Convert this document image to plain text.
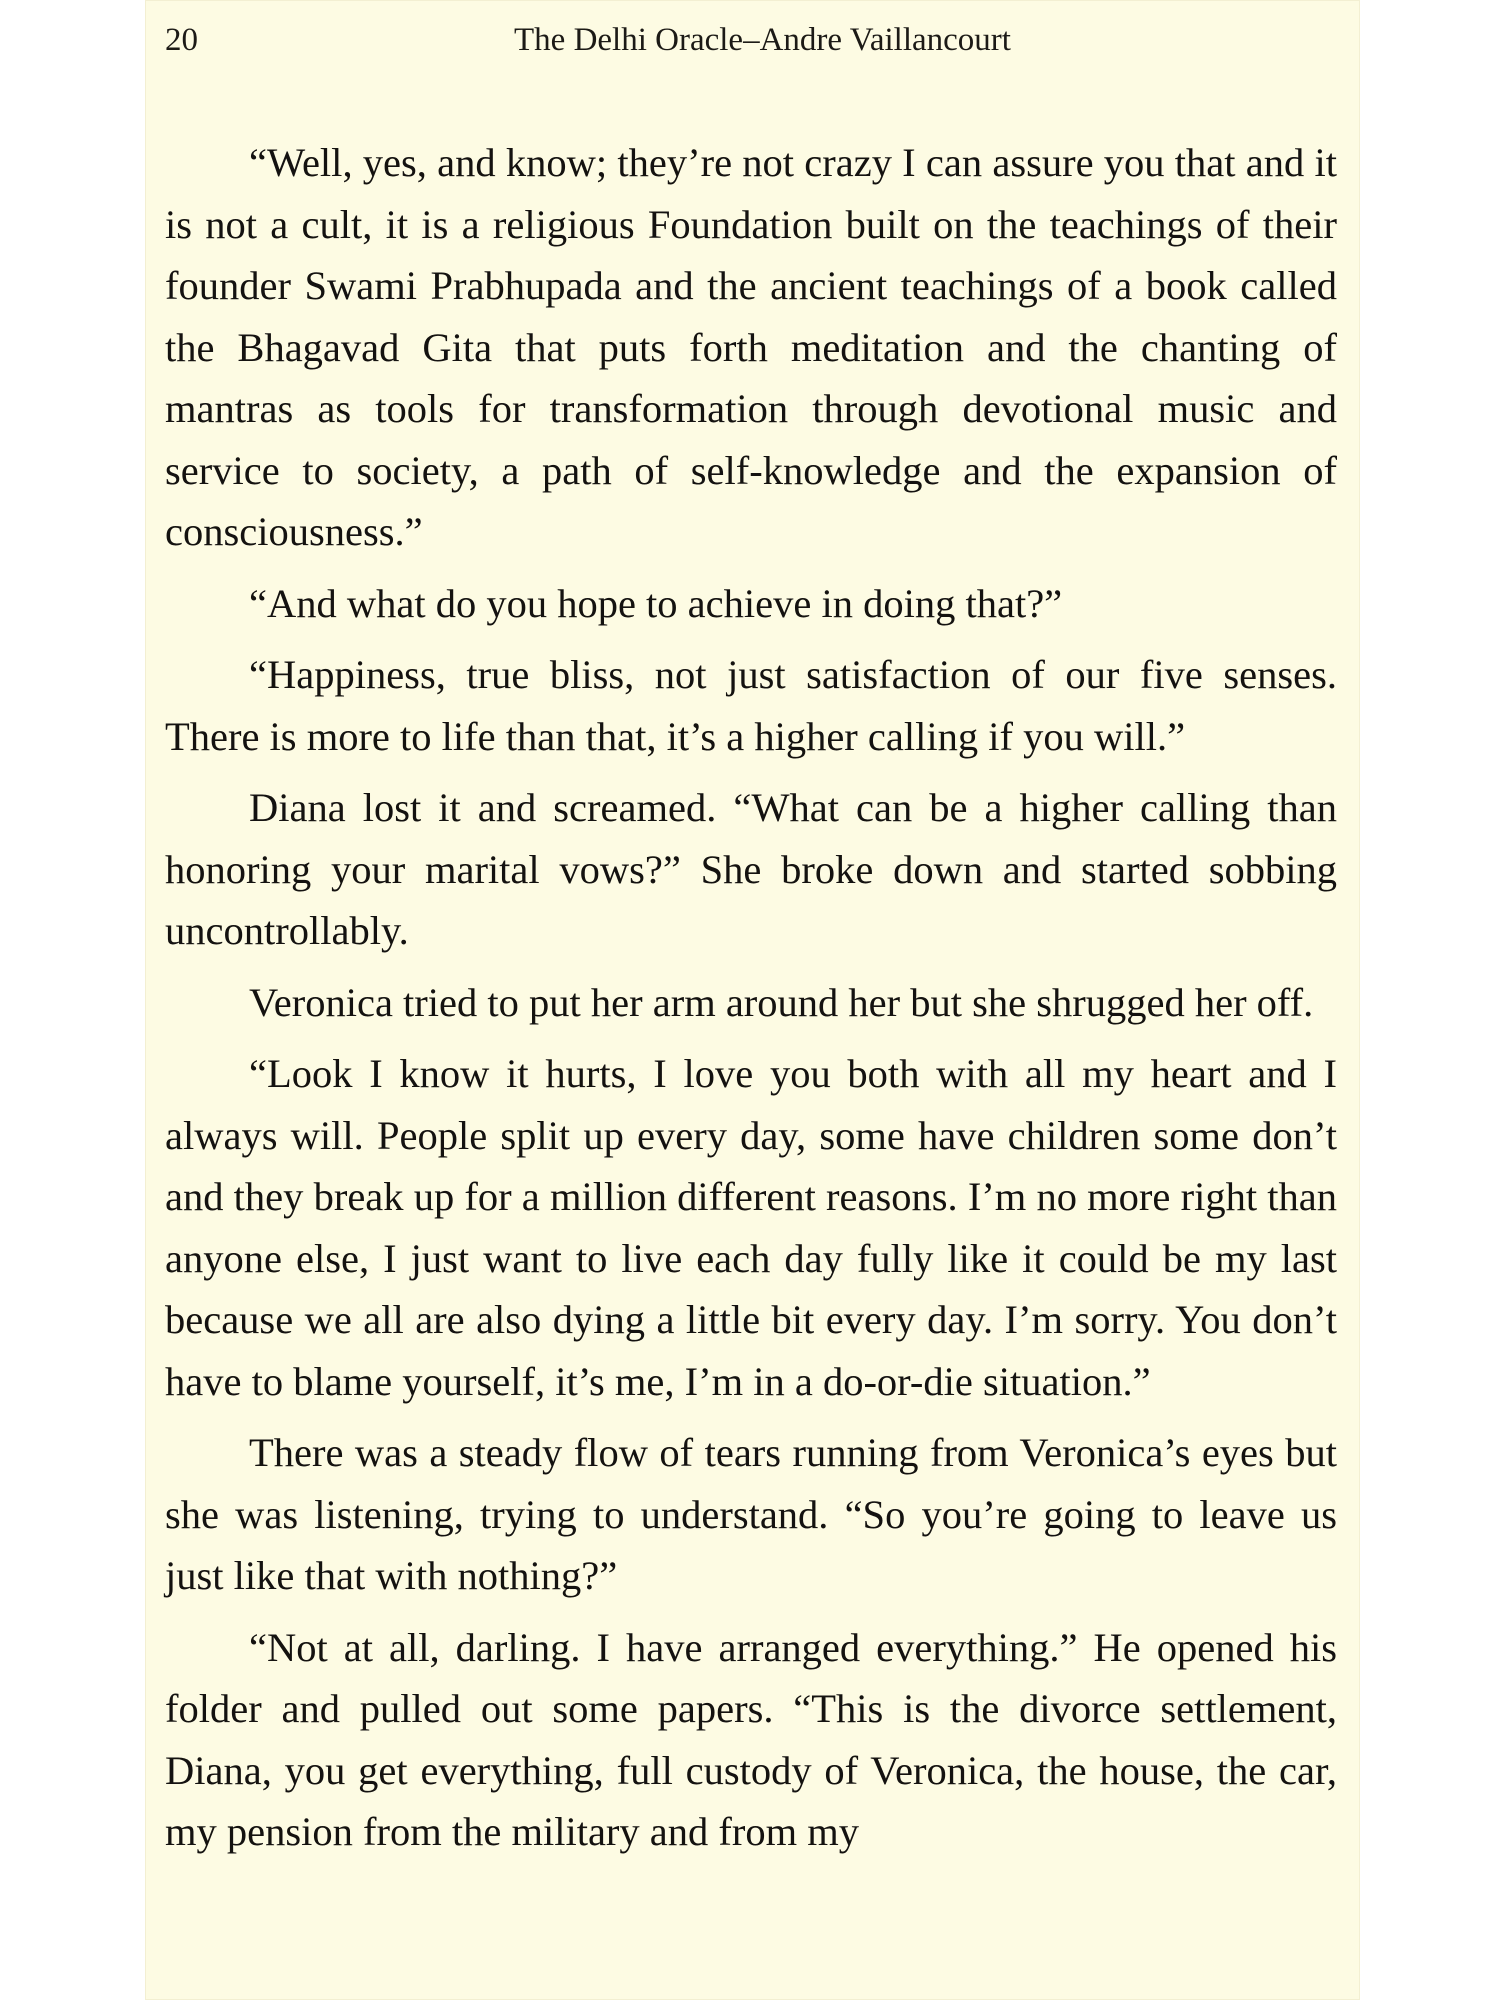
20	The Delhi Oracle–Andre Vaillancourt

“Well, yes, and know; they’re not crazy I can assure you that and it is not a cult, it is a religious Foundation built on the teachings of their founder Swami Prabhupada and the ancient teachings of a book called the Bhagavad Gita that puts forth meditation and the chanting of mantras as tools for transformation through devotional music and service to society, a path of self-knowledge and the expansion of consciousness.”

“And what do you hope to achieve in doing that?”

“Happiness, true bliss, not just satisfaction of our five senses. There is more to life than that, it’s a higher calling if you will.”

Diana lost it and screamed. “What can be a higher calling than honoring your marital vows?” She broke down and started sobbing uncontrollably.

Veronica tried to put her arm around her but she shrugged her off.

“Look I know it hurts, I love you both with all my heart and I always will. People split up every day, some have children some don’t and they break up for a million different reasons. I’m no more right than anyone else, I just want to live each day fully like it could be my last because we all are also dying a little bit every day. I’m sorry. You don’t have to blame yourself, it’s me, I’m in a do-or-die situation.”

There was a steady flow of tears running from Veronica’s eyes but she was listening, trying to understand. “So you’re going to leave us just like that with nothing?”

“Not at all, darling. I have arranged everything.” He opened his folder and pulled out some papers. “This is the divorce settlement, Diana, you get everything, full custody of Veronica, the house, the car, my pension from the military and from my
